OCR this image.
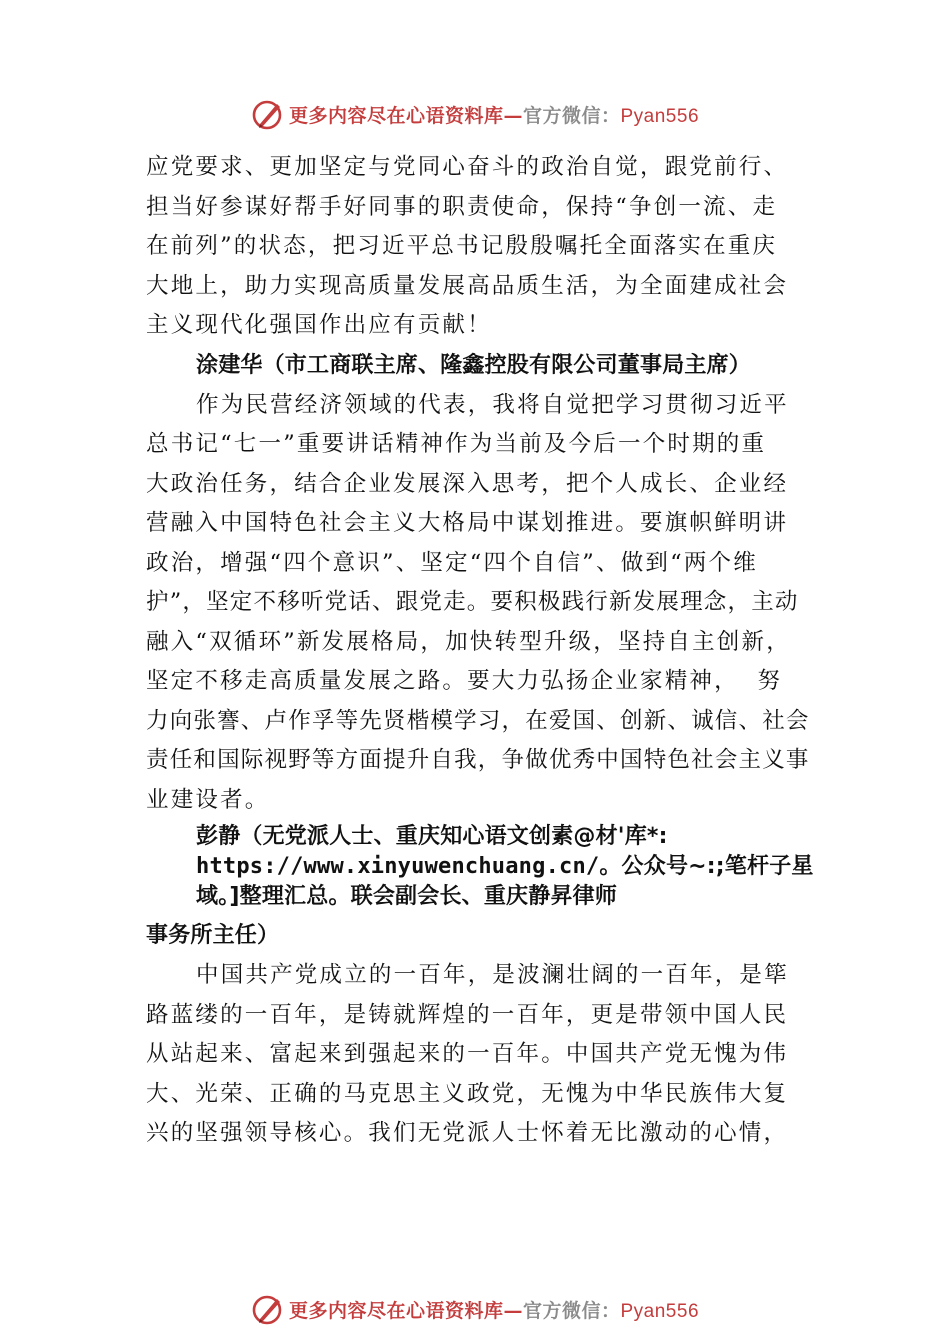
更多内容尽在心语资料库—官方微信：Pyan556
应党要求、更加坚定与党同心奋斗的政治自觉，跟党前行、
担当好参谋好帮手好同事的职责使命，保持“争创一流、走
在前列”的状态，把习近平总书记殷殷嘱托全面落实在重庆
大地上，助力实现高质量发展高品质生活，为全面建成社会
主义现代化强国作出应有贡献！
涂建华（市工商联主席、隆鑫控股有限公司董事局主席）
作为民营经济领域的代表，我将自觉把学习贯彻习近平
总书记“七一”重要讲话精神作为当前及今后一个时期的重
大政治任务，结合企业发展深入思考，把个人成长、企业经
营融入中国特色社会主义大格局中谋划推进。要旗帜鲜明讲
政治，增强“四个意识”、坚定“四个自信”、做到“两个维
护”，坚定不移听党话、跟党走。要积极践行新发展理念，主动
融入“双循环”新发展格局，加快转型升级，坚持自主创新，
坚定不移走高质量发展之路。要大力弘扬企业家精神，  努
力向张謇、卢作孚等先贤楷模学习，在爱国、创新、诚信、社会
责任和国际视野等方面提升自我，争做优秀中国特色社会主义事
业建设者。
彭静（无党派人士、重庆知心语文创素@材'库*:
https://www.xinyuwenchuang.cn/。公众号~:;笔杆子星
域。]整理汇总。联会副会长、重庆静昇律师
事务所主任）
中国共产党成立的一百年，是波澜壮阔的一百年，是筚
路蓝缕的一百年，是铸就辉煌的一百年，更是带领中国人民
从站起来、富起来到强起来的一百年。中国共产党无愧为伟
大、光荣、正确的马克思主义政党，无愧为中华民族伟大复
兴的坚强领导核心。我们无党派人士怀着无比激动的心情，
更多内容尽在心语资料库—官方微信：Pyan556
